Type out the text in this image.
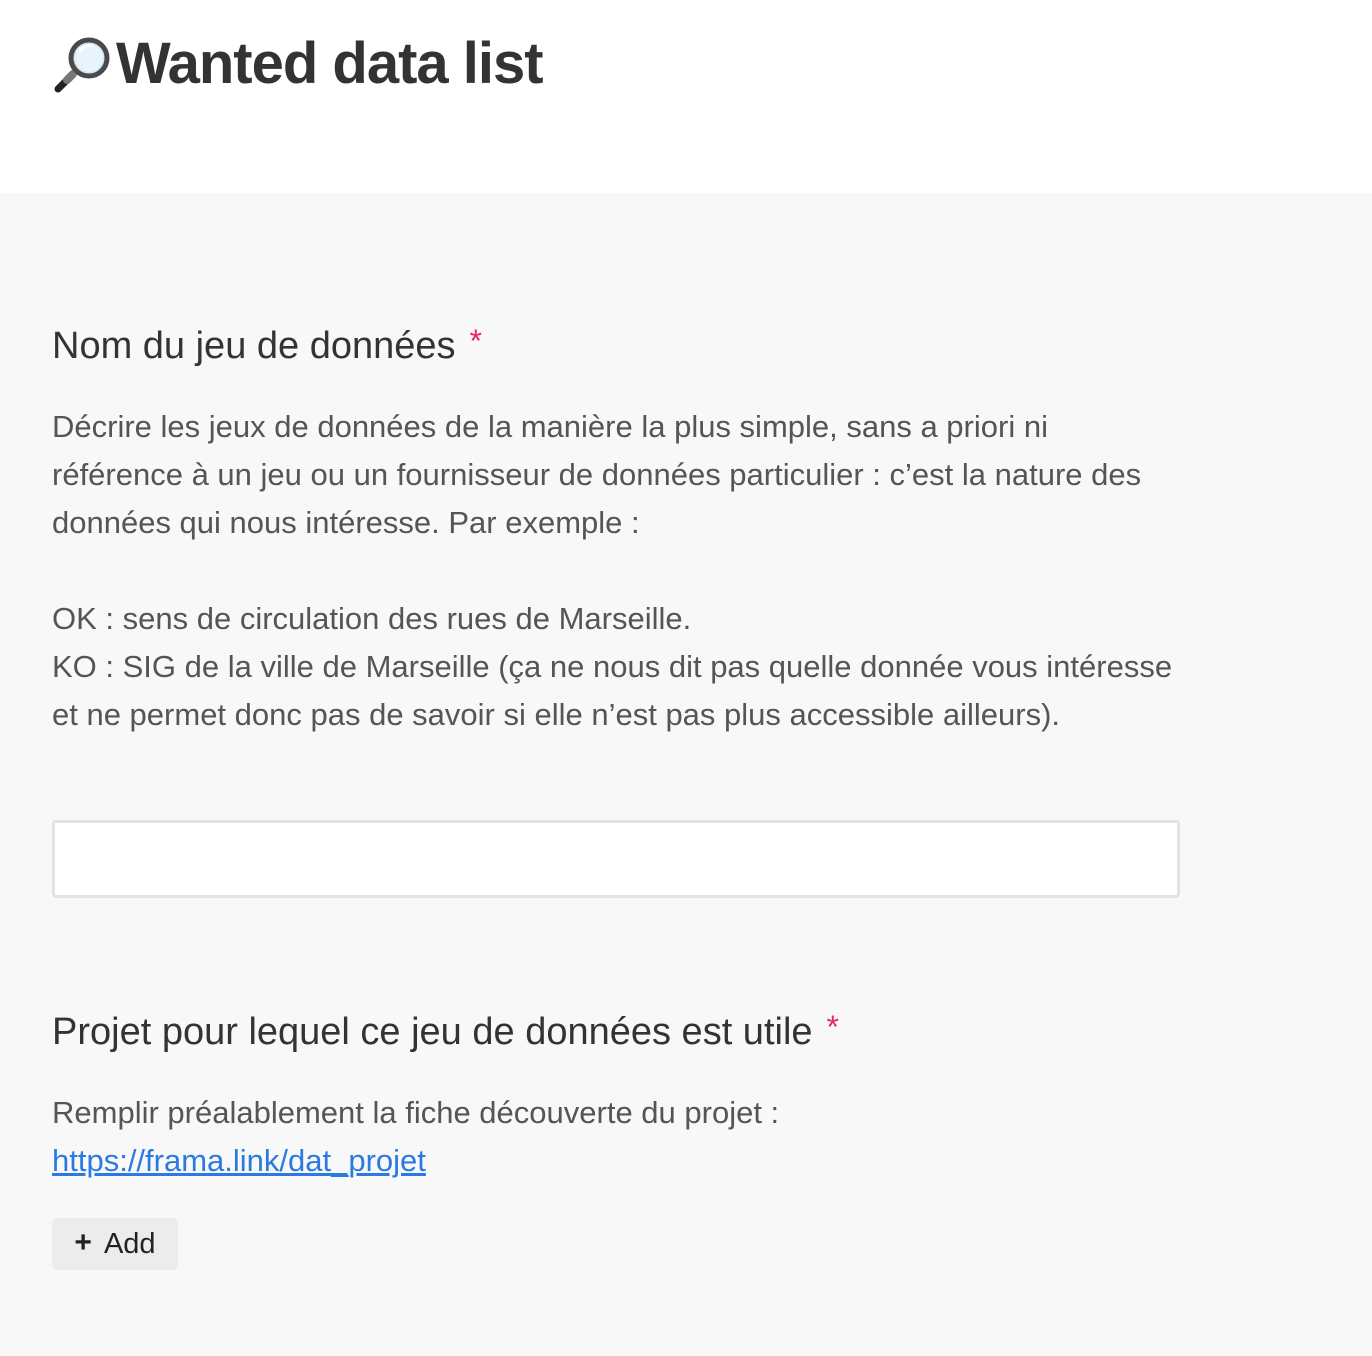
Wanted data list
Nom du jeu de données *

Décrire les jeux de données de la manière la plus simple, sans a priori ni référence à un jeu ou un fournisseur de données particulier : c’est la nature des données qui nous intéresse. Par exemple :

OK : sens de circulation des rues de Marseille.

KO : SIG de la ville de Marseille (ça ne nous dit pas quelle donnée vous intéresse et ne permet donc pas de savoir si elle n’est pas plus accessible ailleurs).

Projet pour lequel ce jeu de données est utile *

Remplir préalablement la fiche découverte du projet :

https://frama.link/dat_projet

+ Add
